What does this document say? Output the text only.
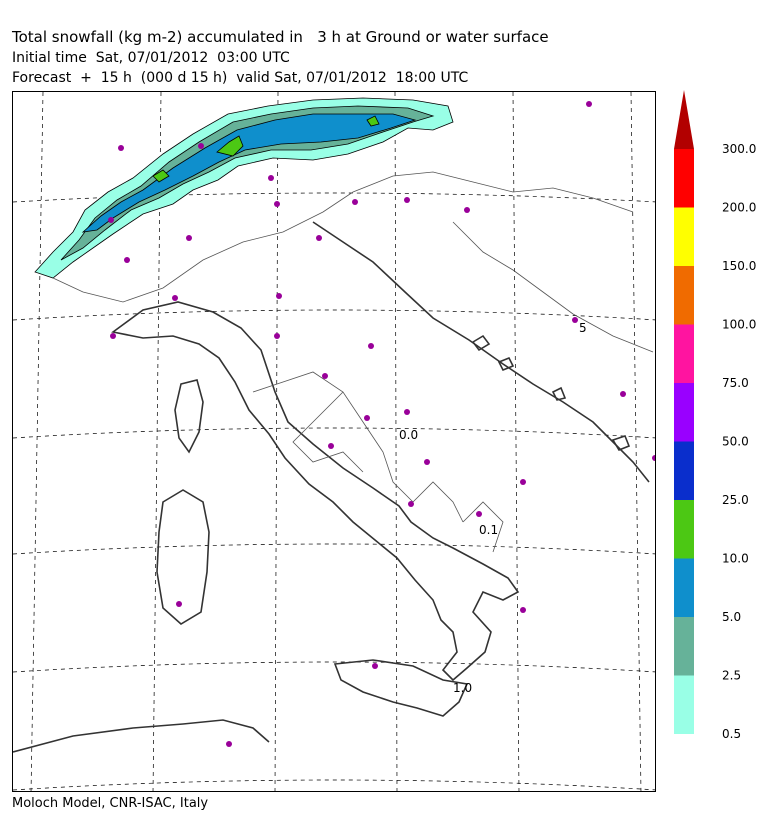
Total snowfall (kg m-2) accumulated in   3 h at Ground or water surface
Initial time  Sat, 07/01/2012  03:00 UTC
Forecast  +  15 h  (000 d 15 h)  valid Sat, 07/01/2012  18:00 UTC
0.0
0.1
1.0
5
Moloch Model, CNR-ISAC, Italy
0.5
2.5
5.0
10.0
25.0
50.0
75.0
100.0
150.0
200.0
300.0
